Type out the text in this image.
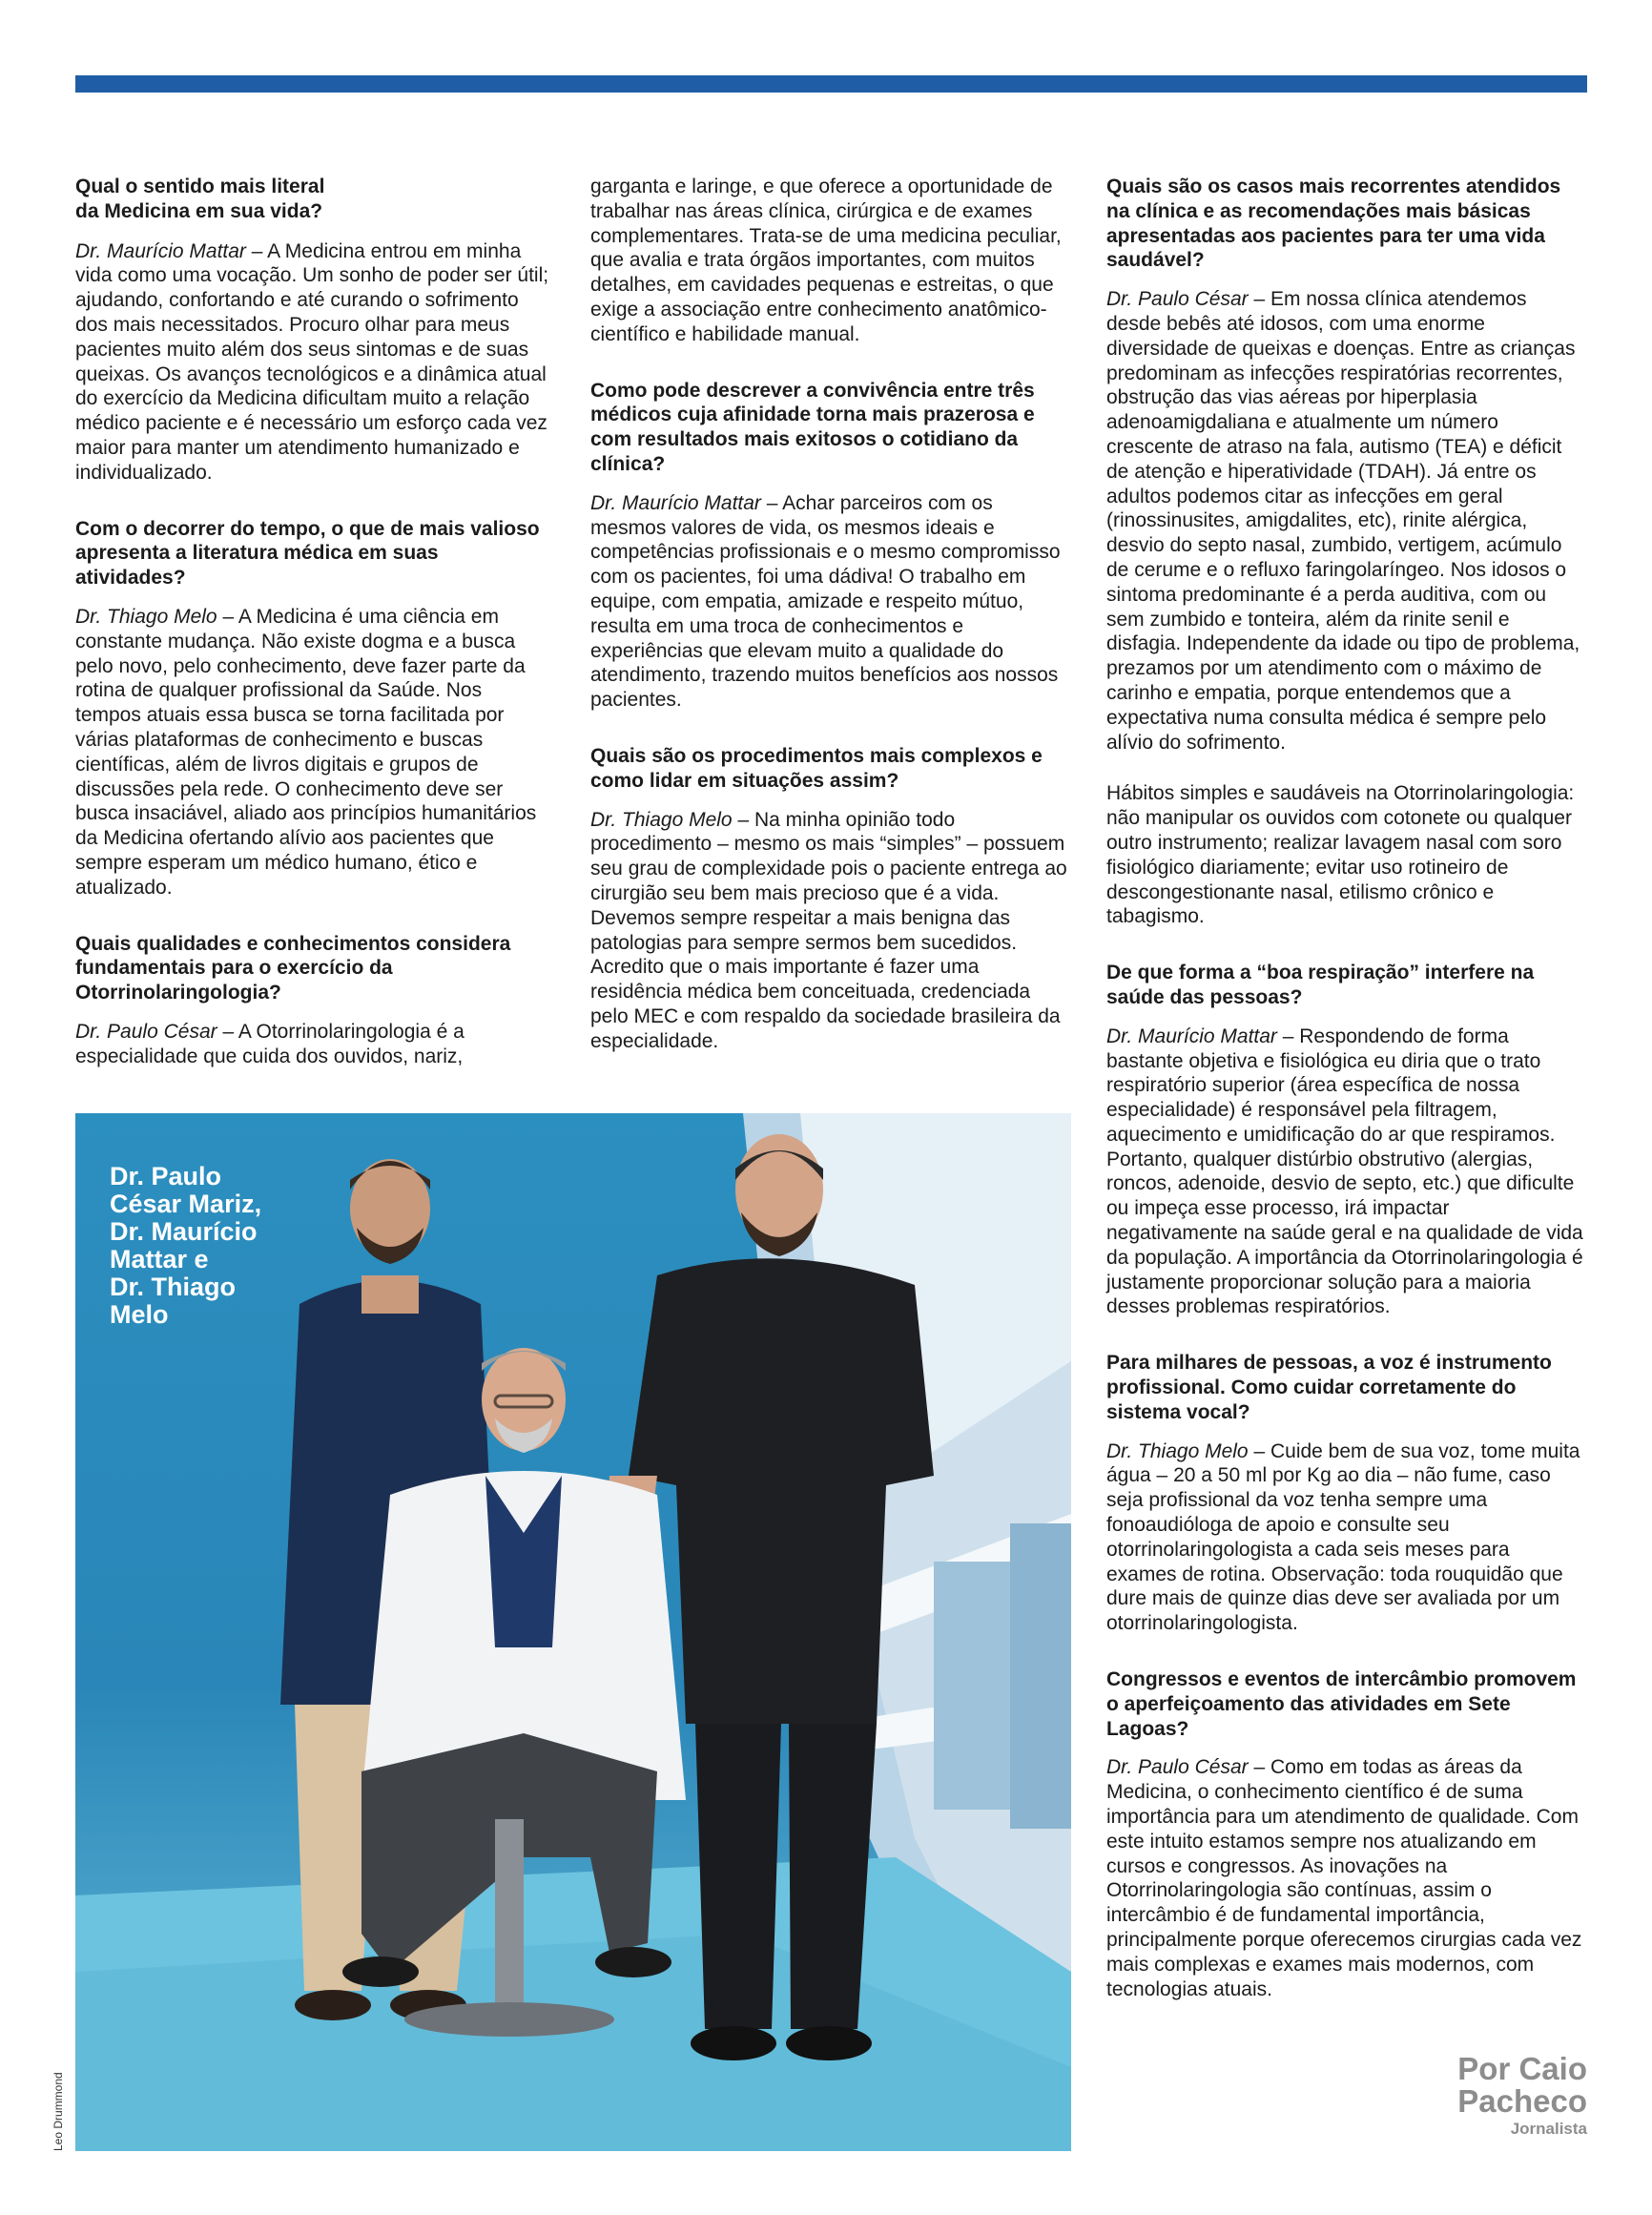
Qual o sentido mais literal
da Medicina em sua vida?

Dr. Maurício Mattar – A Medicina entrou em minha vida como uma vocação. Um sonho de poder ser útil; ajudando, confortando e até curando o sofrimento dos mais necessitados. Procuro olhar para meus pacientes muito além dos seus sintomas e de suas queixas. Os avanços tecnológicos e a dinâmica atual do exercício da Medicina dificultam muito a relação médico paciente e é necessário um esforço cada vez maior para manter um atendimento humanizado e individualizado.

Com o decorrer do tempo, o que de mais valioso apresenta a literatura médica em suas atividades?

Dr. Thiago Melo – A Medicina é uma ciência em constante mudança. Não existe dogma e a busca pelo novo, pelo conhecimento, deve fazer parte da rotina de qualquer profissional da Saúde. Nos tempos atuais essa busca se torna facilitada por várias plataformas de conhecimento e buscas científicas, além de livros digitais e grupos de discussões pela rede. O conhecimento deve ser busca insaciável, aliado aos princípios humanitários da Medicina ofertando alívio aos pacientes que sempre esperam um médico humano, ético e atualizado.

Quais qualidades e conhecimentos considera fundamentais para o exercício da Otorrinolaringologia?

Dr. Paulo César – A Otorrinolaringologia é a especialidade que cuida dos ouvidos, nariz,

garganta e laringe, e que oferece a oportunidade de trabalhar nas áreas clínica, cirúrgica e de exames complementares. Trata-se de uma medicina peculiar, que avalia e trata órgãos importantes, com muitos detalhes, em cavidades pequenas e estreitas, o que exige a associação entre conhecimento anatômico-científico e habilidade manual.

Como pode descrever a convivência entre três médicos cuja afinidade torna mais prazerosa e com resultados mais exitosos o cotidiano da clínica?

Dr. Maurício Mattar – Achar parceiros com os mesmos valores de vida, os mesmos ideais e competências profissionais e o mesmo compromisso com os pacientes, foi uma dádiva! O trabalho em equipe, com empatia, amizade e respeito mútuo, resulta em uma troca de conhecimentos e experiências que elevam muito a qualidade do atendimento, trazendo muitos benefícios aos nossos pacientes.

Quais são os procedimentos mais complexos e como lidar em situações assim?

Dr. Thiago Melo – Na minha opinião todo procedimento – mesmo os mais “simples” – possuem seu grau de complexidade pois o paciente entrega ao cirurgião seu bem mais precioso que é a vida. Devemos sempre respeitar a mais benigna das patologias para sempre sermos bem sucedidos. Acredito que o mais importante é fazer uma residência médica bem conceituada, credenciada pelo MEC e com respaldo da sociedade brasileira da especialidade.

Quais são os casos mais recorrentes atendidos na clínica e as recomendações mais básicas apresentadas aos pacientes para ter uma vida saudável?

Dr. Paulo César – Em nossa clínica atendemos desde bebês até idosos, com uma enorme diversidade de queixas e doenças. Entre as crianças predominam as infecções respiratórias recorrentes, obstrução das vias aéreas por hiperplasia adenoamigdaliana e atualmente um número crescente de atraso na fala, autismo (TEA) e déficit de atenção e hiperatividade (TDAH). Já entre os adultos podemos citar as infecções em geral (rinossinusites, amigdalites, etc), rinite alérgica, desvio do septo nasal, zumbido, vertigem, acúmulo de cerume e o refluxo faringolaríngeo. Nos idosos o sintoma predominante é a perda auditiva, com ou sem zumbido e tonteira, além da rinite senil e disfagia. Independente da idade ou tipo de problema, prezamos por um atendimento com o máximo de carinho e empatia, porque entendemos que a expectativa numa consulta médica é sempre pelo alívio do sofrimento.

Hábitos simples e saudáveis na Otorrinolaringologia: não manipular os ouvidos com cotonete ou qualquer outro instrumento; realizar lavagem nasal com soro fisiológico diariamente; evitar uso rotineiro de descongestionante nasal, etilismo crônico e tabagismo.

De que forma a “boa respiração” interfere na saúde das pessoas?

Dr. Maurício Mattar – Respondendo de forma bastante objetiva e fisiológica eu diria que o trato respiratório superior (área específica de nossa especialidade) é responsável pela filtragem, aquecimento e umidificação do ar que respiramos. Portanto, qualquer distúrbio obstrutivo (alergias, roncos, adenoide, desvio de septo, etc.) que dificulte ou impeça esse processo, irá impactar negativamente na saúde geral e na qualidade de vida da população. A importância da Otorrinolaringologia é justamente proporcionar solução para a maioria desses problemas respiratórios.

Para milhares de pessoas, a voz é instrumento profissional. Como cuidar corretamente do sistema vocal?

Dr. Thiago Melo – Cuide bem de sua voz, tome muita água – 20 a 50 ml por Kg ao dia – não fume, caso seja profissional da voz tenha sempre uma fonoaudióloga de apoio e consulte seu otorrinolaringologista a cada seis meses para exames de rotina. Observação: toda rouquidão que dure mais de quinze dias deve ser avaliada por um otorrinolaringologista.

Congressos e eventos de intercâmbio promovem o aperfeiçoamento das atividades em Sete Lagoas?

Dr. Paulo César – Como em todas as áreas da Medicina, o conhecimento científico é de suma importância para um atendimento de qualidade. Com este intuito estamos sempre nos atualizando em cursos e congressos. As inovações na Otorrinolaringologia são contínuas, assim o intercâmbio é de fundamental importância, principalmente porque oferecemos cirurgias cada vez mais complexas e exames mais modernos, com tecnologias atuais.

Dr. Paulo
César Mariz,
Dr. Maurício
Mattar e
Dr. Thiago
Melo
Leo Drummond
Por Caio
Pacheco
Jornalista
